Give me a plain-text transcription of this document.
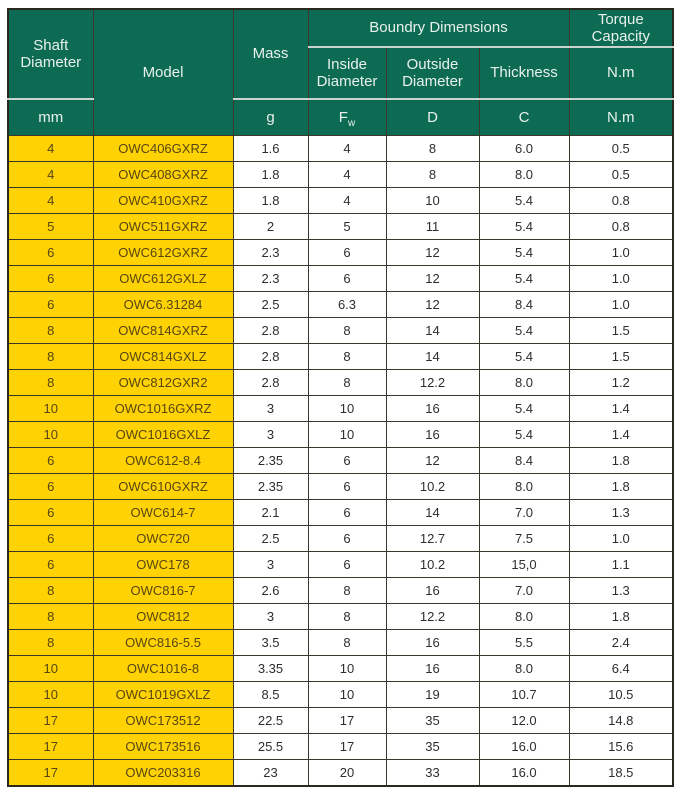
Shaft Diameter	Model	Mass	Boundry Dimensions			Torque Capacity
			Inside Diameter	Outside Diameter	Thickness	N.m
mm		g	$F_w$	D	C	N.m
4	OWC406GXRZ	1.6	4	8	6.0	0.5
4	OWC408GXRZ	1.8	4	8	8.0	0.5
4	OWC410GXRZ	1.8	4	10	5.4	0.8
5	OWC511GXRZ	2	5	11	5.4	0.8
6	OWC612GXRZ	2.3	6	12	5.4	1.0
6	OWC612GXLZ	2.3	6	12	5.4	1.0
6	OWC6.31284	2.5	6.3	12	8.4	1.0
8	OWC814GXRZ	2.8	8	14	5.4	1.5
8	OWC814GXLZ	2.8	8	14	5.4	1.5
8	OWC812GXR2	2.8	8	12.2	8.0	1.2
10	OWC1016GXRZ	3	10	16	5.4	1.4
10	OWC1016GXLZ	3	10	16	5.4	1.4
6	OWC612-8.4	2.35	6	12	8.4	1.8
6	OWC610GXRZ	2.35	6	10.2	8.0	1.8
6	OWC614-7	2.1	6	14	7.0	1.3
6	OWC720	2.5	6	12.7	7.5	1.0
6	OWC178	3	6	10.2	15,0	1.1
8	OWC816-7	2.6	8	16	7.0	1.3
8	OWC812	3	8	12.2	8.0	1.8
8	OWC816-5.5	3.5	8	16	5.5	2.4
10	OWC1016-8	3.35	10	16	8.0	6.4
10	OWC1019GXLZ	8.5	10	19	10.7	10.5
17	OWC173512	22.5	17	35	12.0	14.8
17	OWC173516	25.5	17	35	16.0	15.6
17	OWC203316	23	20	33	16.0	18.5
